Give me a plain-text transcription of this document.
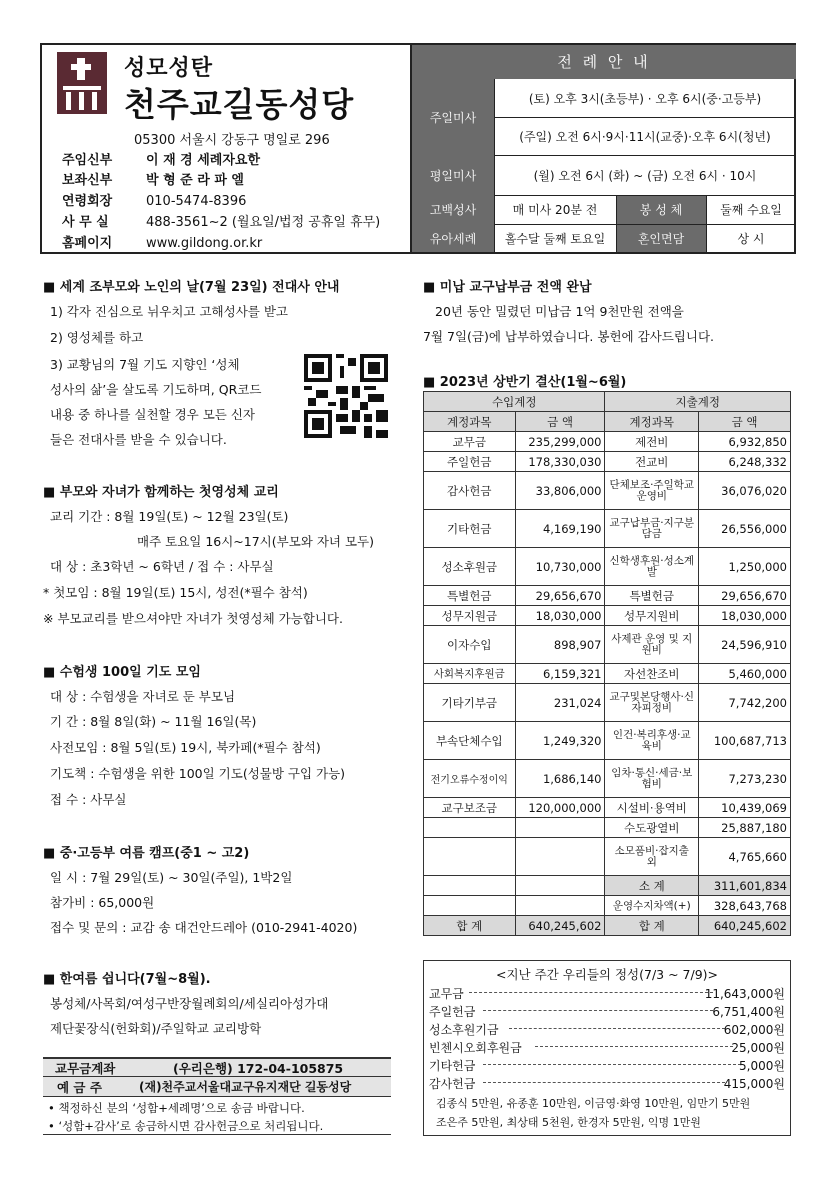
성모성탄
천주교길동성당
05300 서울시 강동구 명일로 296
주임신부	이 재 경 세례자요한
보좌신부	박 형 준 라 파 엘
연령회장	010-5474-8396
사 무 실	488-3561~2 (월요일/법정 공휴일 휴무)
홈페이지	www.gildong.or.kr
전 례 안 내
주일미사
(토) 오후 3시(초등부) · 오후 6시(중·고등부)
(주일) 오전 6시·9시·11시(교중)·오후 6시(청년)
평일미사	(월) 오전 6시 (화) ~ (금) 오전 6시 · 10시
고백성사	매 미사 20분 전	봉 성 체	둘째 수요일
유아세례	홀수달 둘째 토요일	혼인면담	상 시
■ 세계 조부모와 노인의 날(7월 23일) 전대사 안내
1) 각자 진심으로 뉘우치고 고해성사를 받고
2) 영성체를 하고
3) 교황님의 7월 기도 지향인 ‘성체
성사의 삶’을 살도록 기도하며, QR코드
내용 중 하나를 실천할 경우 모든 신자
들은 전대사를 받을 수 있습니다.
■ 부모와 자녀가 함께하는 첫영성체 교리
교리 기간 : 8월 19일(토) ~ 12월 23일(토)
매주 토요일 16시~17시(부모와 자녀 모두)
대 상 : 초3학년 ~ 6학년 / 접 수 : 사무실
* 첫모임 : 8월 19일(토) 15시, 성전(*필수 참석)
※ 부모교리를 받으셔야만 자녀가 첫영성체 가능합니다.
■ 수험생 100일 기도 모임
대 상 : 수험생을 자녀로 둔 부모님
기 간 : 8월 8일(화) ~ 11월 16일(목)
사전모임 : 8월 5일(토) 19시, 북카페(*필수 참석)
기도책 : 수험생을 위한 100일 기도(성물방 구입 가능)
접 수 : 사무실
■ 중·고등부 여름 캠프(중1 ~ 고2)
일 시 : 7월 29일(토) ~ 30일(주일), 1박2일
참가비 : 65,000원
접수 및 문의 : 교감 송 대건안드레아 (010-2941-4020)
■ 한여름 쉽니다(7월~8월).
봉성체/사목회/여성구반장월례회의/세실리아성가대
제단꽃장식(헌화회)/주일학교 교리방학
교무금계좌	(우리은행) 172-04-105875
예 금 주	(재)천주교서울대교구유지재단 길동성당
• 책정하신 분의 ‘성함+세례명’으로 송금 바랍니다.
• ‘성함+감사’로 송금하시면 감사헌금으로 처리됩니다.
■ 미납 교구납부금 전액 완납
20년 동안 밀렸던 미납금 1억 9천만원 전액을
7월 7일(금)에 납부하였습니다. 봉헌에 감사드립니다.
■ 2023년 상반기 결산(1월~6월)
수입계정		지출계정	
계정과목	금 액	계정과목	금 액
교무금	235,299,000	제전비	6,932,850
주일헌금	178,330,030	전교비	6,248,332
감사헌금	33,806,000	단체보조·주일학교운영비	36,076,020
기타헌금	4,169,190	교구납부금·지구분담금	26,556,000
성소후원금	10,730,000	신학생후원·성소계발	1,250,000
특별헌금	29,656,670	특별헌금	29,656,670
성무지원금	18,030,000	성무지원비	18,030,000
이자수입	898,907	사제관 운영 및 지원비	24,596,910
사회복지후원금	6,159,321	자선찬조비	5,460,000
기타기부금	231,024	교구및본당행사·신자피정비	7,742,200
부속단체수입	1,249,320	인건·복리후생·교육비	100,687,713
전기오류수정이익	1,686,140	임차·통신·세금·보험비	7,273,230
교구보조금	120,000,000	시설비·용역비	10,439,069
		수도광열비	25,887,180
		소모품비·잡지출 외	4,765,660
		소 계	311,601,834
		운영수지차액(+)	328,643,768
합 계	640,245,602	합 계	640,245,602
<지난 주간 우리들의 정성(7/3 ~ 7/9)>
교무금	11,643,000원
주일헌금	6,751,400원
성소후원기금	602,000원
빈첸시오회후원금	25,000원
기타헌금	5,000원
감사헌금	415,000원
김종식 5만원, 유종훈 10만원, 이금영·화영 10만원, 임만기 5만원
조은주 5만원, 최상태 5천원, 한경자 5만원, 익명 1만원
